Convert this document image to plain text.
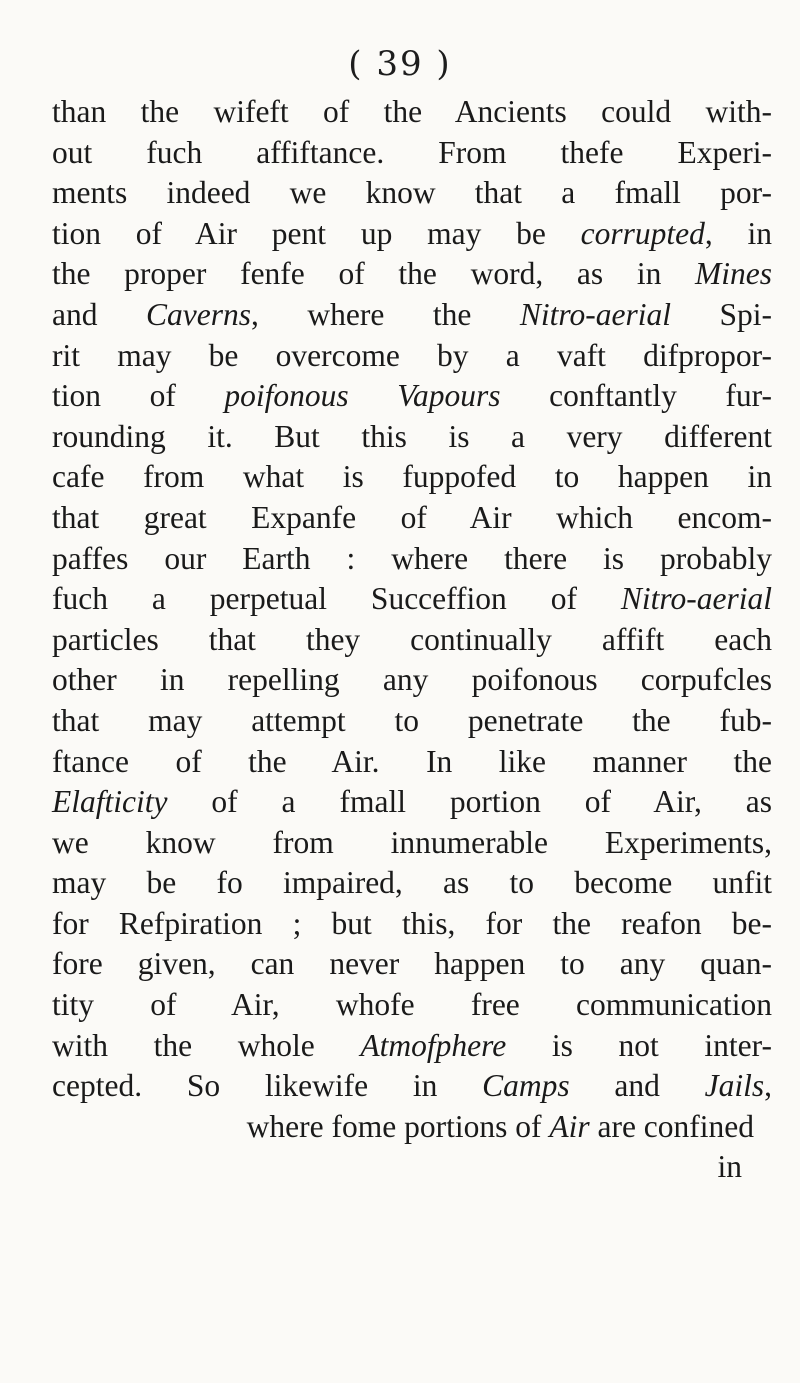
( 39 )
than the wifeft of the Ancients could with-
out fuch affiftance. From thefe Experi-
ments indeed we know that a fmall por-
tion of Air pent up may be corrupted, in
the proper fenfe of the word, as in Mines
and Caverns, where the Nitro-aerial Spi-
rit may be overcome by a vaft difpropor-
tion of poifonous Vapours conftantly fur-
rounding it. But this is a very different
cafe from what is fuppofed to happen in
that great Expanfe of Air which encom-
paffes our Earth : where there is probably
fuch a perpetual Succeffion of Nitro-aerial
particles that they continually affift each
other in repelling any poifonous corpufcles
that may attempt to penetrate the fub-
ftance of the Air. In like manner the
Elafticity of a fmall portion of Air, as
we know from innumerable Experiments,
may be fo impaired, as to become unfit
for Refpiration ; but this, for the reafon be-
fore given, can never happen to any quan-
tity of Air, whofe free communication
with the whole Atmofphere is not inter-
cepted. So likewife in Camps and Jails,
where fome portions of Air are confined
in
